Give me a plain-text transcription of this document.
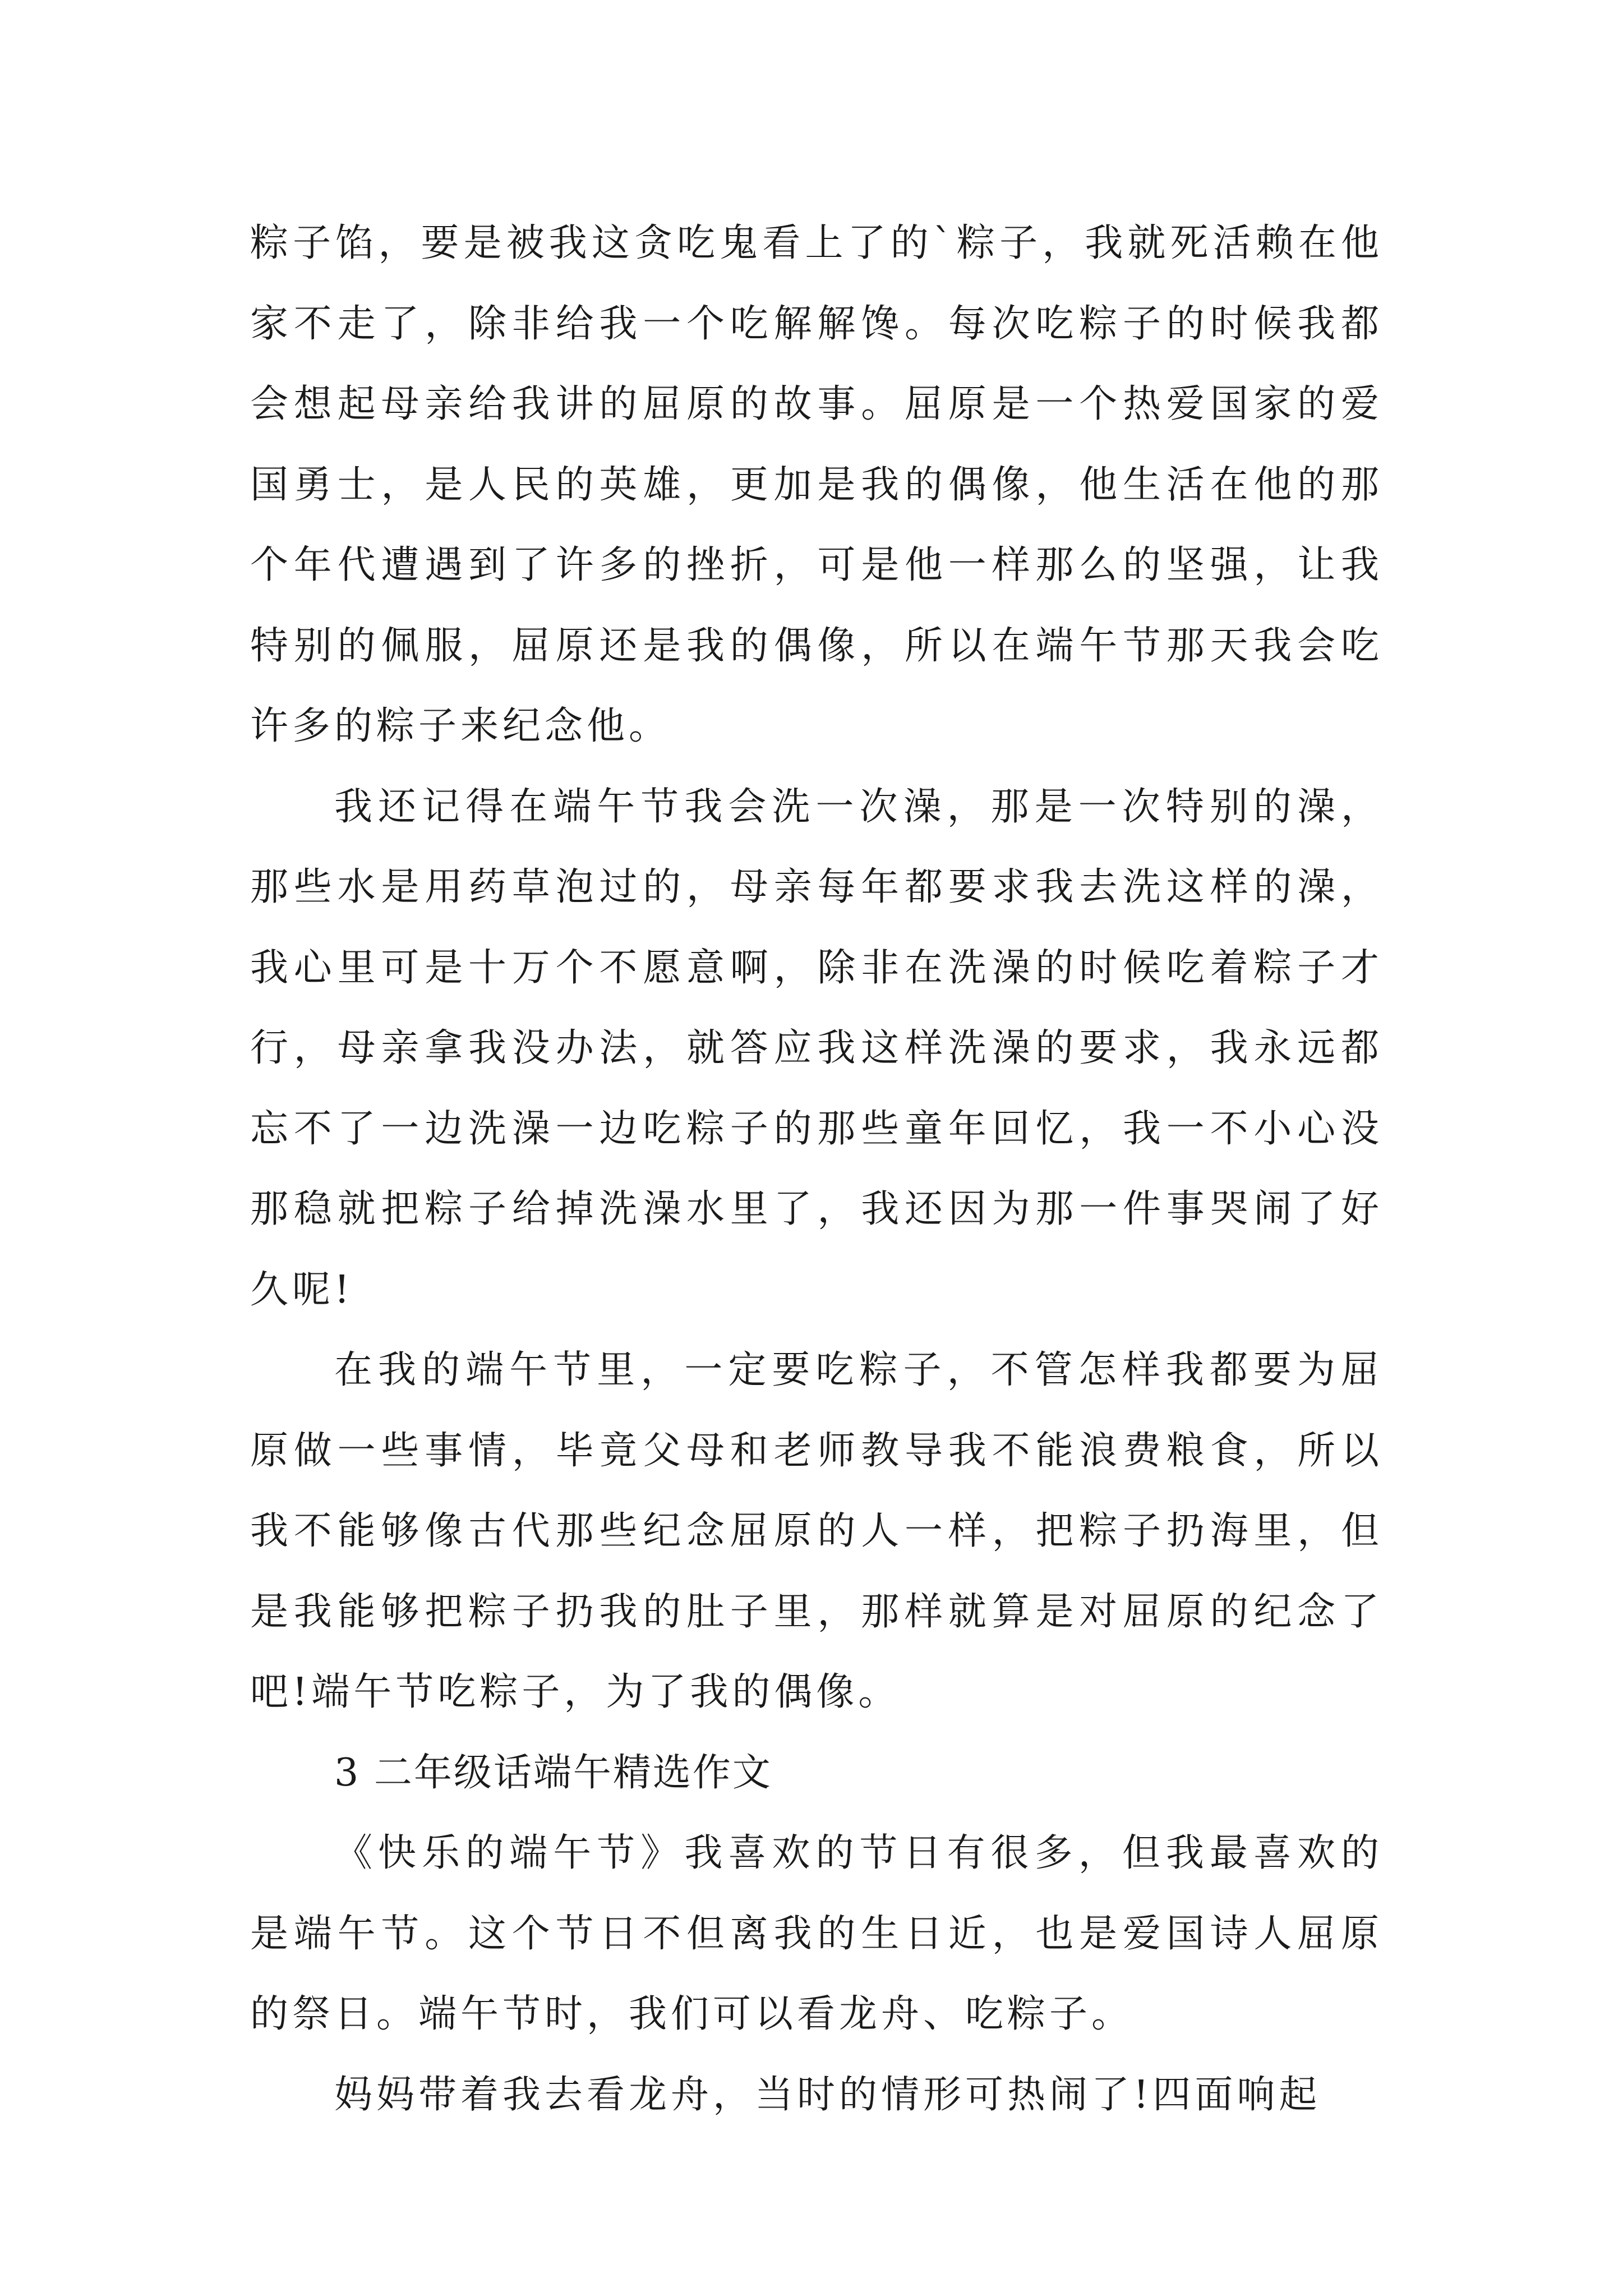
粽子馅，要是被我这贪吃鬼看上了的`粽子，我就死活赖在他家不走了，除非给我一个吃解解馋。每次吃粽子的时候我都会想起母亲给我讲的屈原的故事。屈原是一个热爱国家的爱国勇士，是人民的英雄，更加是我的偶像，他生活在他的那个年代遭遇到了许多的挫折，可是他一样那么的坚强，让我特别的佩服，屈原还是我的偶像，所以在端午节那天我会吃许多的粽子来纪念他。

我还记得在端午节我会洗一次澡，那是一次特别的澡，那些水是用药草泡过的，母亲每年都要求我去洗这样的澡，我心里可是十万个不愿意啊，除非在洗澡的时候吃着粽子才行，母亲拿我没办法，就答应我这样洗澡的要求，我永远都忘不了一边洗澡一边吃粽子的那些童年回忆，我一不小心没那稳就把粽子给掉洗澡水里了，我还因为那一件事哭闹了好久呢!

在我的端午节里，一定要吃粽子，不管怎样我都要为屈原做一些事情，毕竟父母和老师教导我不能浪费粮食，所以我不能够像古代那些纪念屈原的人一样，把粽子扔海里，但是我能够把粽子扔我的肚子里，那样就算是对屈原的纪念了吧!端午节吃粽子，为了我的偶像。

3 二年级话端午精选作文

《快乐的端午节》我喜欢的节日有很多，但我最喜欢的是端午节。这个节日不但离我的生日近，也是爱国诗人屈原的祭日。端午节时，我们可以看龙舟、吃粽子。

妈妈带着我去看龙舟，当时的情形可热闹了!四面响起
